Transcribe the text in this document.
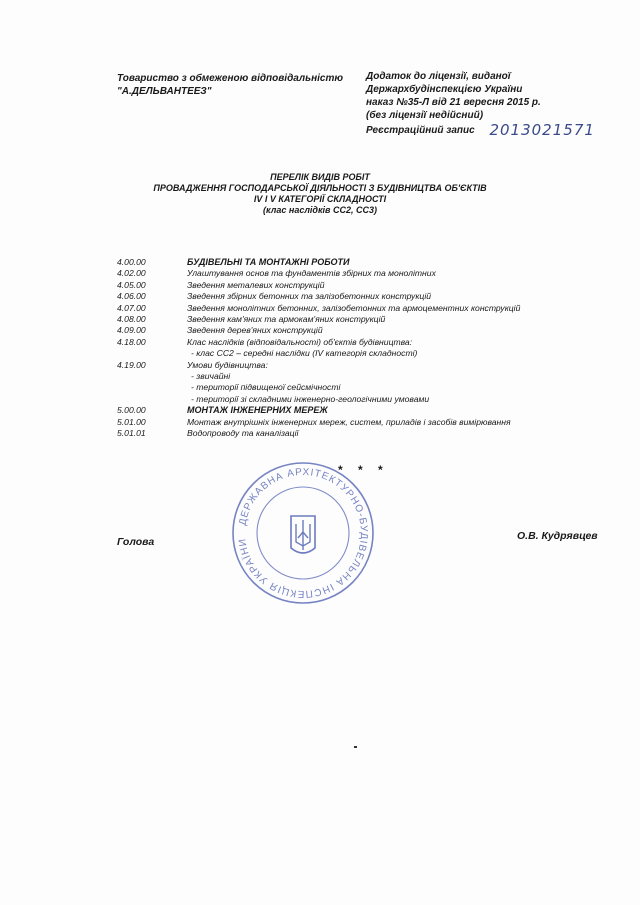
Товариство з обмеженою відповідальністю
"А.ДЕЛЬВАНТЕЕЗ"
Додаток до ліцензії, виданої
Держархбудінспекцією України
наказ №35-Л від 21 вересня 2015 р.
(без ліцензії недійсний)
Реєстраційний запис 2013021571
ПЕРЕЛІК ВИДІВ РОБІТ
ПРОВАДЖЕННЯ ГОСПОДАРСЬКОЇ ДІЯЛЬНОСТІ З БУДІВНИЦТВА ОБ'ЄКТІВ
IV І V КАТЕГОРІЇ СКЛАДНОСТІ
(клас наслідків СС2, СС3)
4.00.00	БУДІВЕЛЬНІ ТА МОНТАЖНІ РОБОТИ
4.02.00	Улаштування основ та фундаментів збірних та монолітних
4.05.00	Зведення металевих конструкцій
4.06.00	Зведення збірних бетонних та залізобетонних конструкцій
4.07.00	Зведення монолітних бетонних, залізобетонних та армоцементних конструкцій
4.08.00	Зведення кам'яних та армокам'яних конструкцій
4.09.00	Зведення дерев'яних конструкцій
4.18.00	Клас наслідків (відповідальності) об'єктів будівництва:
- клас СС2 – середні наслідки (IV категорія складності)
4.19.00	Умови будівництва:
- звичайні
- території підвищеної сейсмічності
- території зі складними інженерно-геологічними умовами
5.00.00	МОНТАЖ ІНЖЕНЕРНИХ МЕРЕЖ
5.01.00	Монтаж внутрішніх інженерних мереж, систем, приладів і засобів вимірювання
5.01.01	Водопроводу та каналізації
* * *
ДЕРЖАВНА АРХІТЕКТУРНО-БУДІВЕЛЬНА ІНСПЕКЦІЯ УКРАЇНИ
Голова	О.В. Кудрявцев
